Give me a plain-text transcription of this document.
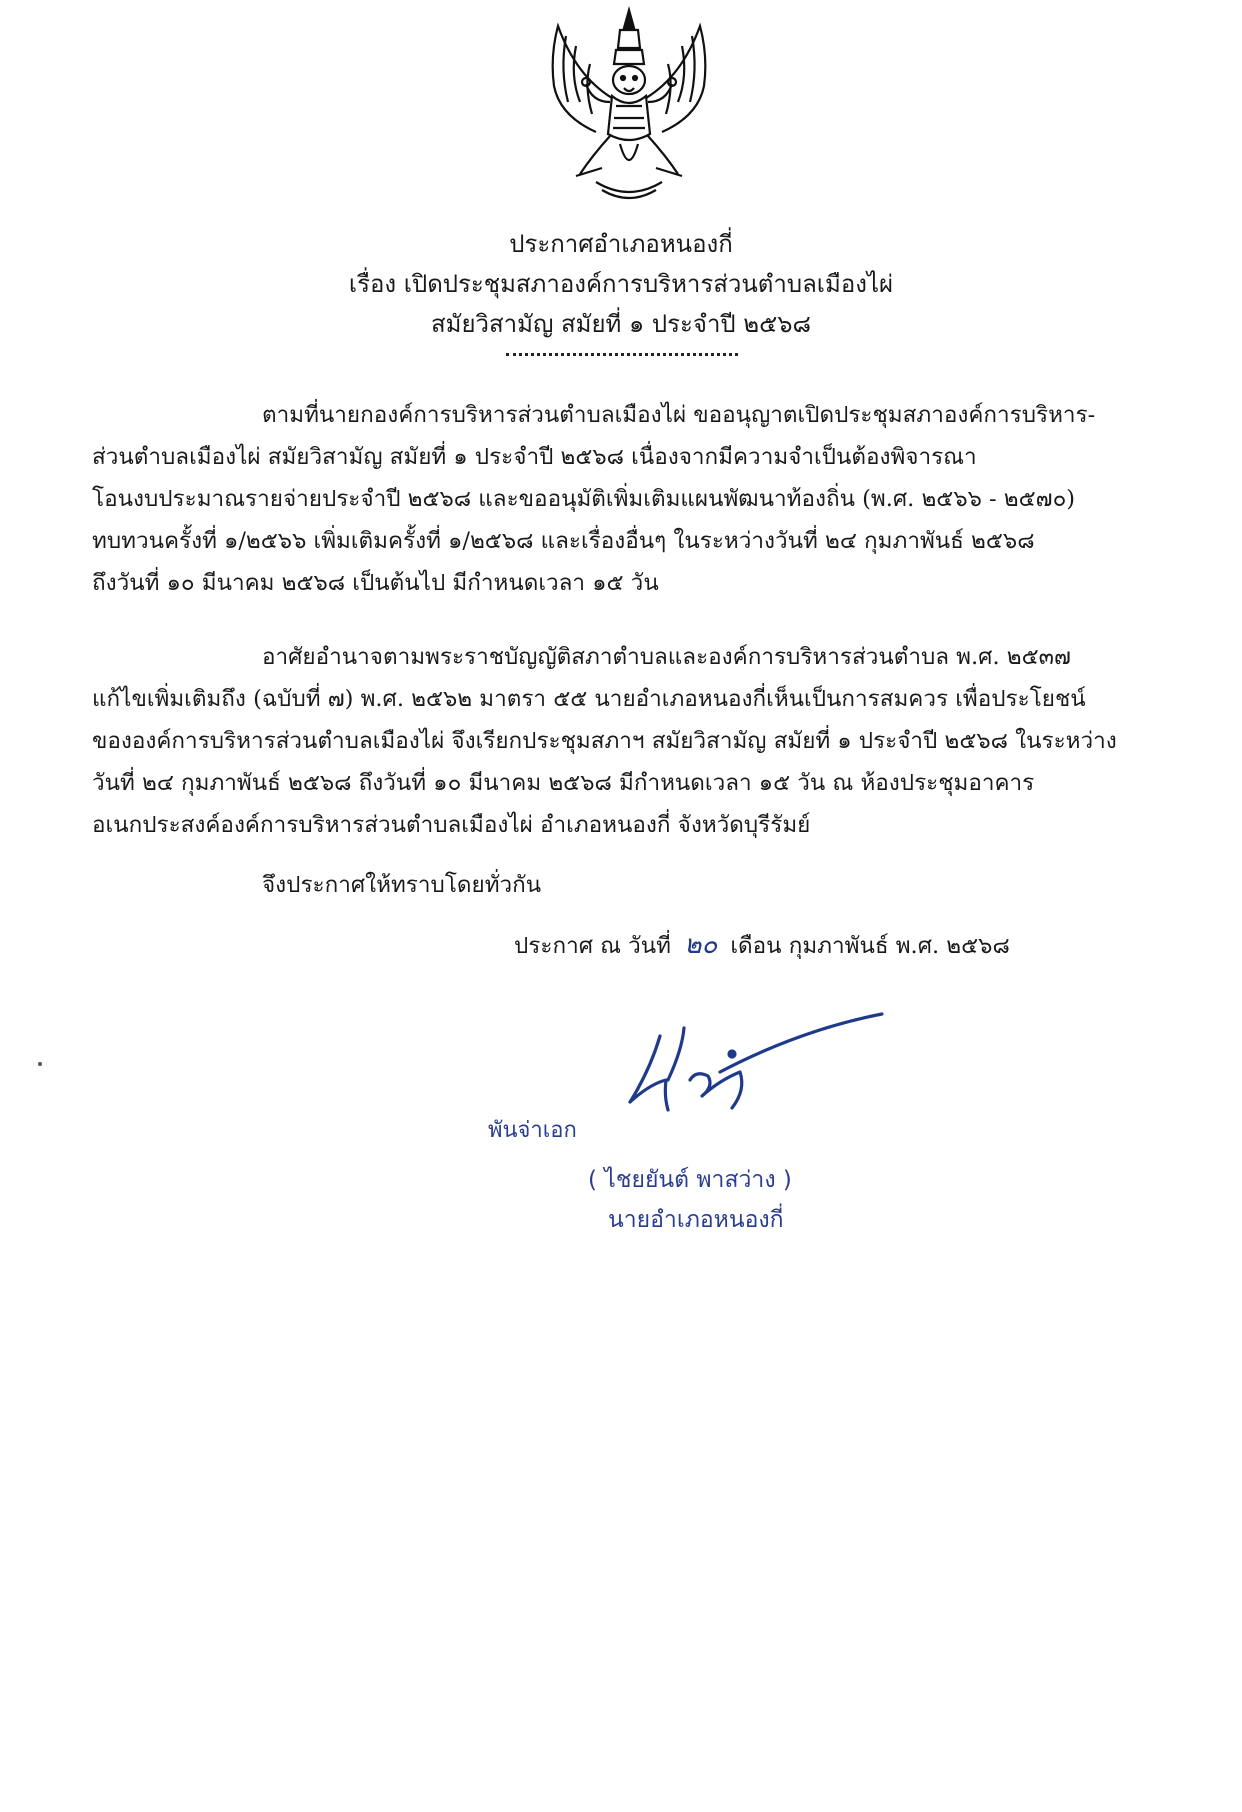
ประกาศอำเภอหนองกี่
เรื่อง เปิดประชุมสภาองค์การบริหารส่วนตำบลเมืองไผ่
สมัยวิสามัญ สมัยที่ ๑ ประจำปี ๒๕๖๘
ตามที่นายกองค์การบริหารส่วนตำบลเมืองไผ่ ขออนุญาตเปิดประชุมสภาองค์การบริหาร-
ส่วนตำบลเมืองไผ่ สมัยวิสามัญ สมัยที่ ๑ ประจำปี ๒๕๖๘ เนื่องจากมีความจำเป็นต้องพิจารณา
โอนงบประมาณรายจ่ายประจำปี ๒๕๖๘ และขออนุมัติเพิ่มเติมแผนพัฒนาท้องถิ่น (พ.ศ. ๒๕๖๖ - ๒๕๗๐)
ทบทวนครั้งที่ ๑/๒๕๖๖ เพิ่มเติมครั้งที่ ๑/๒๕๖๘ และเรื่องอื่นๆ ในระหว่างวันที่ ๒๔ กุมภาพันธ์ ๒๕๖๘
ถึงวันที่ ๑๐ มีนาคม ๒๕๖๘ เป็นต้นไป มีกำหนดเวลา ๑๕ วัน
อาศัยอำนาจตามพระราชบัญญัติสภาตำบลและองค์การบริหารส่วนตำบล พ.ศ. ๒๕๓๗
แก้ไขเพิ่มเติมถึง (ฉบับที่ ๗) พ.ศ. ๒๕๖๒ มาตรา ๕๕ นายอำเภอหนองกี่เห็นเป็นการสมควร เพื่อประโยชน์
ขององค์การบริหารส่วนตำบลเมืองไผ่ จึงเรียกประชุมสภาฯ สมัยวิสามัญ สมัยที่ ๑ ประจำปี ๒๕๖๘ ในระหว่าง
วันที่ ๒๔ กุมภาพันธ์ ๒๕๖๘ ถึงวันที่ ๑๐ มีนาคม ๒๕๖๘ มีกำหนดเวลา ๑๕ วัน ณ ห้องประชุมอาคาร
อเนกประสงค์องค์การบริหารส่วนตำบลเมืองไผ่ อำเภอหนองกี่ จังหวัดบุรีรัมย์
จึงประกาศให้ทราบโดยทั่วกัน
ประกาศ ณ วันที่ ๒๐ เดือน กุมภาพันธ์ พ.ศ. ๒๕๖๘
พันจ่าเอก
( ไชยยันต์ พาสว่าง )
นายอำเภอหนองกี่
